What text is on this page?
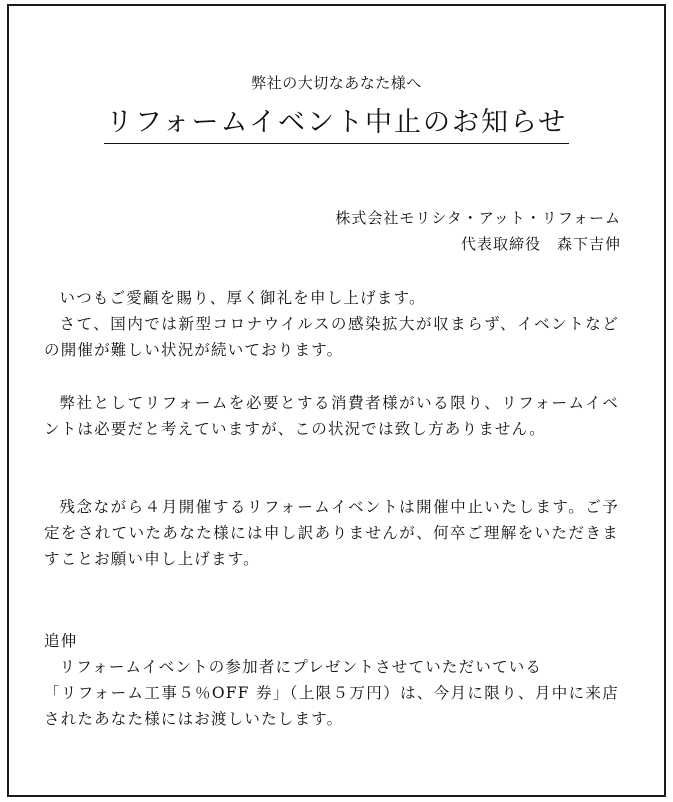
弊社の大切なあなた様へ
リフォームイベント中止のお知らせ
株式会社モリシタ・アット・リフォーム
代表取締役　森下吉伸

いつもご愛顧を賜り、厚く御礼を申し上げます。

さて、国内では新型コロナウイルスの感染拡大が収まらず、イベントなどの開催が難しい状況が続いております。

弊社としてリフォームを必要とする消費者様がいる限り、リフォームイベントは必要だと考えていますが、この状況では致し方ありません。

残念ながら４月開催するリフォームイベントは開催中止いたします。ご予定をされていたあなた様には申し訳ありませんが、何卒ご理解をいただきますことお願い申し上げます。

追伸

リフォームイベントの参加者にプレゼントさせていただいている

「リフォーム工事５％OFF 券」（上限５万円）は、今月に限り、月中に来店されたあなた様にはお渡しいたします。
